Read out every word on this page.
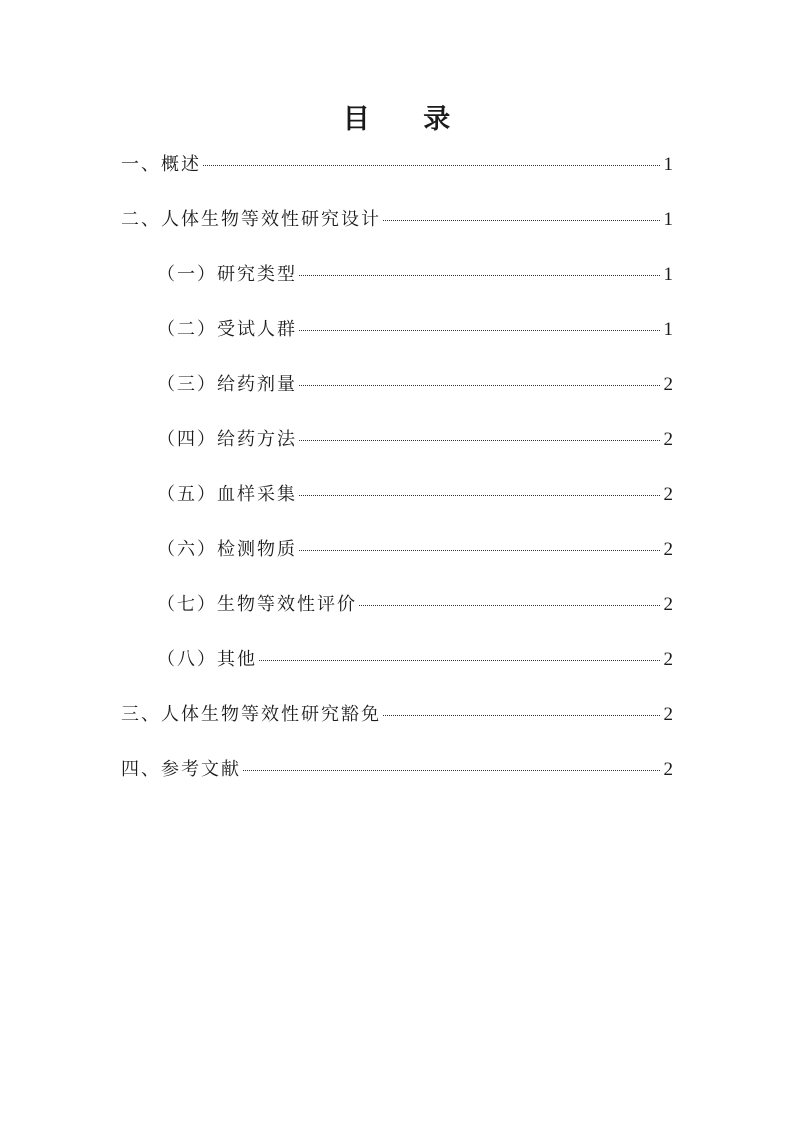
目 录
一、概述	1
二、人体生物等效性研究设计	1
（一）研究类型	1
（二）受试人群	1
（三）给药剂量	2
（四）给药方法	2
（五）血样采集	2
（六）检测物质	2
（七）生物等效性评价	2
（八）其他	2
三、人体生物等效性研究豁免	2
四、参考文献	2
